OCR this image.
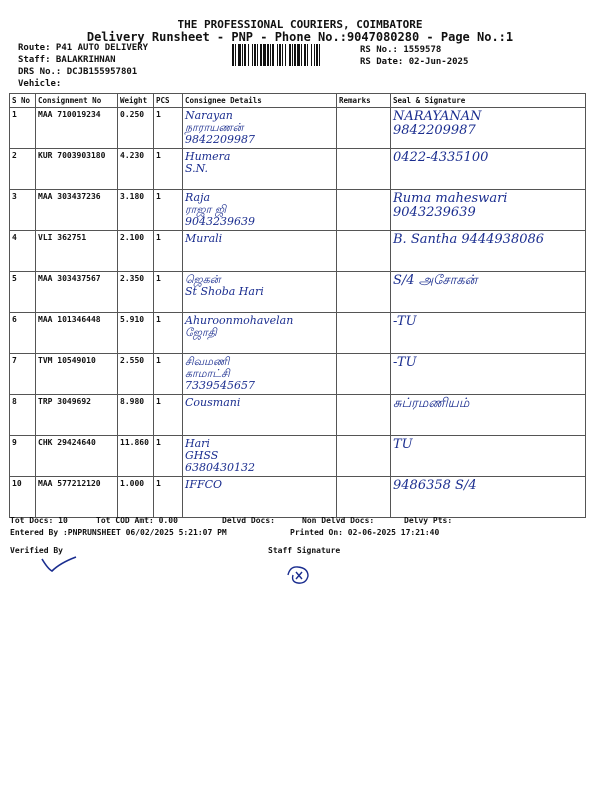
THE PROFESSIONAL COURIERS, COIMBATORE
Delivery Runsheet - PNP - Phone No.:9047080280 - Page No.:1
Route: P41 AUTO DELIVERY
Staff: BALAKRIHNAN
DRS No.: DCJB155957801
Vehicle:
RS No.: 1559578
RS Date: 02-Jun-2025
S No	Consignment No	Weight	PCS	Consignee Details	Remarks	Seal & Signature
1	MAA 710019234	0.250	1	Narayan
நாராயணன்
9842209987		NARAYANAN
9842209987

2	KUR 7003903180	4.230	1	Humera
S.N.		0422-4335100

3	MAA 303437236	3.180	1	Raja
ராஜா ஜி
9043239639		Ruma maheswari
9043239639

4	VLI 362751	2.100	1	Murali		B. Santha 9444938086

5	MAA 303437567	2.350	1	ஜெகன்
St Shoba Hari		S/4 அசோகன்

6	MAA 101346448	5.910	1	Ahuroonmohavelan
ஜோதி		-TU

7	TVM 10549010	2.550	1	சிவமணி
காமாட்சி
7339545657		-TU

8	TRP 3049692	8.980	1	Cousmani		சுப்ரமணியம்

9	CHK 29424640	11.860	1	Hari
GHSS
6380430132		TU

10	MAA 577212120	1.000	1	IFFCO		9486358 S/4
Tot Docs: 10	Tot COD Amt: 0.00	Delvd Docs:	Non Delvd Docs:	Delvy Pts:
Entered By :PNPRUNSHEET 06/02/2025 5:21:07 PM	Printed On: 02-06-2025 17:21:40
Verified By	Staff Signature
